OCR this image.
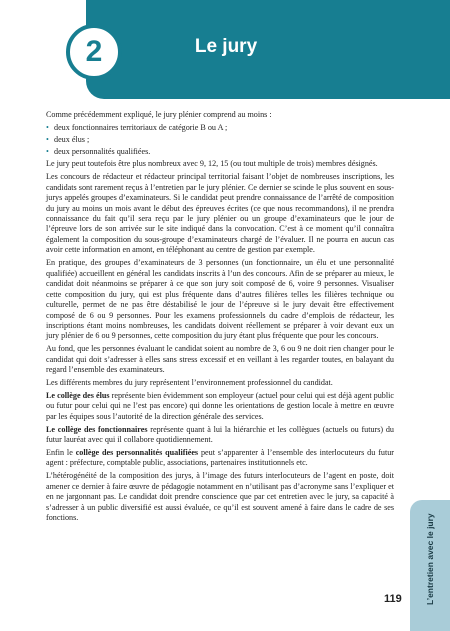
2	Le jury

Comme précédemment expliqué, le jury plénier comprend au moins :

• deux fonctionnaires territoriaux de catégorie B ou A ;
• deux élus ;
• deux personnalités qualifiées.

Le jury peut toutefois être plus nombreux avec 9, 12, 15 (ou tout multiple de trois) membres désignés.

Les concours de rédacteur et rédacteur principal territorial faisant l’objet de nombreuses inscriptions, les candidats sont rarement reçus à l’entretien par le jury plénier. Ce dernier se scinde le plus souvent en sous-jurys appelés groupes d’examinateurs. Si le candidat peut prendre connaissance de l’arrêté de composition du jury au moins un mois avant le début des épreuves écrites (ce que nous recommandons), il ne prendra connaissance du fait qu’il sera reçu par le jury plénier ou un groupe d’examinateurs que le jour de l’épreuve lors de son arrivée sur le site indiqué dans la convocation. C’est à ce moment qu’il connaîtra également la composition du sous-groupe d’examinateurs chargé de l’évaluer. Il ne pourra en aucun cas avoir cette information en amont, en téléphonant au centre de gestion par exemple.

En pratique, des groupes d’examinateurs de 3 personnes (un fonctionnaire, un élu et une personnalité qualifiée) accueillent en général les candidats inscrits à l’un des concours. Afin de se préparer au mieux, le candidat doit néanmoins se préparer à ce que son jury soit composé de 6, voire 9 personnes. Visualiser cette composition du jury, qui est plus fréquente dans d’autres filières telles les filières technique ou culturelle, permet de ne pas être déstabilisé le jour de l’épreuve si le jury devait être effectivement composé de 6 ou 9 personnes. Pour les examens professionnels du cadre d’emplois de rédacteur, les inscriptions étant moins nombreuses, les candidats doivent réellement se préparer à voir devant eux un jury plénier de 6 ou 9 personnes, cette composition du jury étant plus fréquente que pour les concours.

Au fond, que les personnes évaluant le candidat soient au nombre de 3, 6 ou 9 ne doit rien changer pour le candidat qui doit s’adresser à elles sans stress excessif et en veillant à les regarder toutes, en balayant du regard l’ensemble des examinateurs.

Les différents membres du jury représentent l’environnement professionnel du candidat.

Le collège des élus représente bien évidemment son employeur (actuel pour celui qui est déjà agent public ou futur pour celui qui ne l’est pas encore) qui donne les orientations de gestion locale à mettre en œuvre par les équipes sous l’autorité de la direction générale des services.

Le collège des fonctionnaires représente quant à lui la hiérarchie et les collègues (actuels ou futurs) du futur lauréat avec qui il collabore quotidiennement.

Enfin le collège des personnalités qualifiées peut s’apparenter à l’ensemble des interlocuteurs du futur agent : préfecture, comptable public, associations, partenaires institutionnels etc.

L’hétérogénéité de la composition des jurys, à l’image des futurs interlocuteurs de l’agent en poste, doit amener ce dernier à faire œuvre de pédagogie notamment en n’utilisant pas d’acronyme sans l’expliquer et en ne jargonnant pas. Le candidat doit prendre conscience que par cet entretien avec le jury, sa capacité à s’adresser à un public diversifié est aussi évaluée, ce qu’il est souvent amené à faire dans le cadre de ses fonctions.	L’entretien avec le jury
119
